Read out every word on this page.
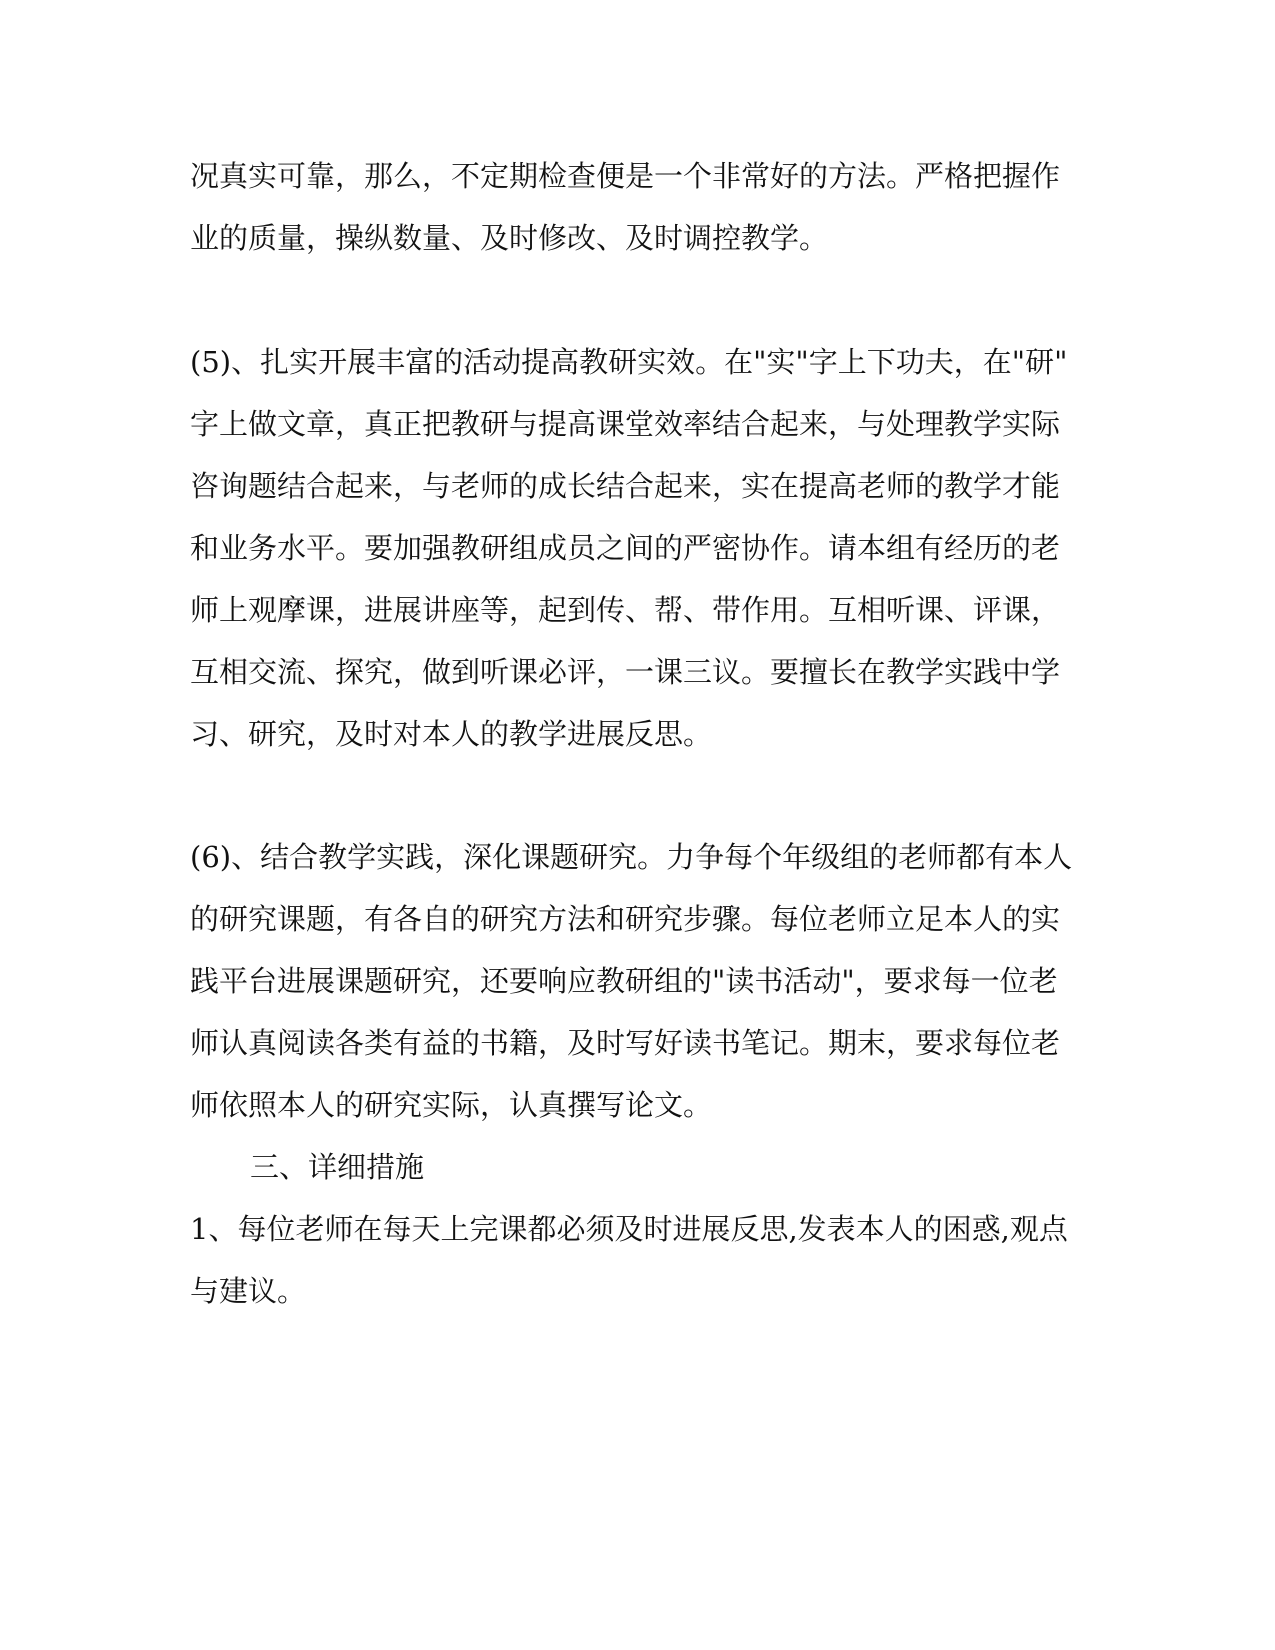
况真实可靠，那么，不定期检查便是一个非常好的方法。严格把握作
业的质量，操纵数量、及时修改、及时调控教学。
(5)、扎实开展丰富的活动提高教研实效。在"实"字上下功夫，在"研"
字上做文章，真正把教研与提高课堂效率结合起来，与处理教学实际
咨询题结合起来，与老师的成长结合起来，实在提高老师的教学才能
和业务水平。要加强教研组成员之间的严密协作。请本组有经历的老
师上观摩课，进展讲座等，起到传、帮、带作用。互相听课、评课，
互相交流、探究，做到听课必评，一课三议。要擅长在教学实践中学
习、研究，及时对本人的教学进展反思。
(6)、结合教学实践，深化课题研究。力争每个年级组的老师都有本人
的研究课题，有各自的研究方法和研究步骤。每位老师立足本人的实
践平台进展课题研究，还要响应教研组的"读书活动"，要求每一位老
师认真阅读各类有益的书籍，及时写好读书笔记。期末，要求每位老
师依照本人的研究实际，认真撰写论文。
三、详细措施
1、每位老师在每天上完课都必须及时进展反思,发表本人的困惑,观点
与建议。
